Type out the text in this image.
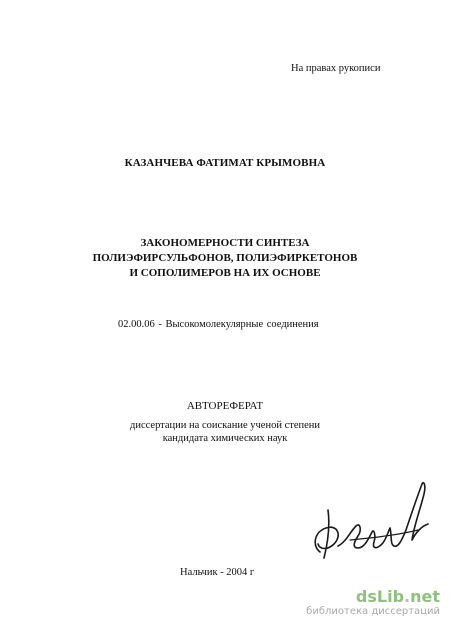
На правах рукописи
КАЗАНЧЕВА ФАТИМАТ КРЫМОВНА
ЗАКОНОМЕРНОСТИ СИНТЕЗА
ПОЛИЭФИРСУЛЬФОНОВ, ПОЛИЭФИРКЕТОНОВ
И СОПОЛИМЕРОВ НА ИХ ОСНОВЕ
02.00.06 - Высокомолекулярные соединения
АВТОРЕФЕРАТ
диссертации на соискание ученой степени
кандидата химических наук
Нальчик - 2004 г
dsLib.net
библиотека диссертаций
